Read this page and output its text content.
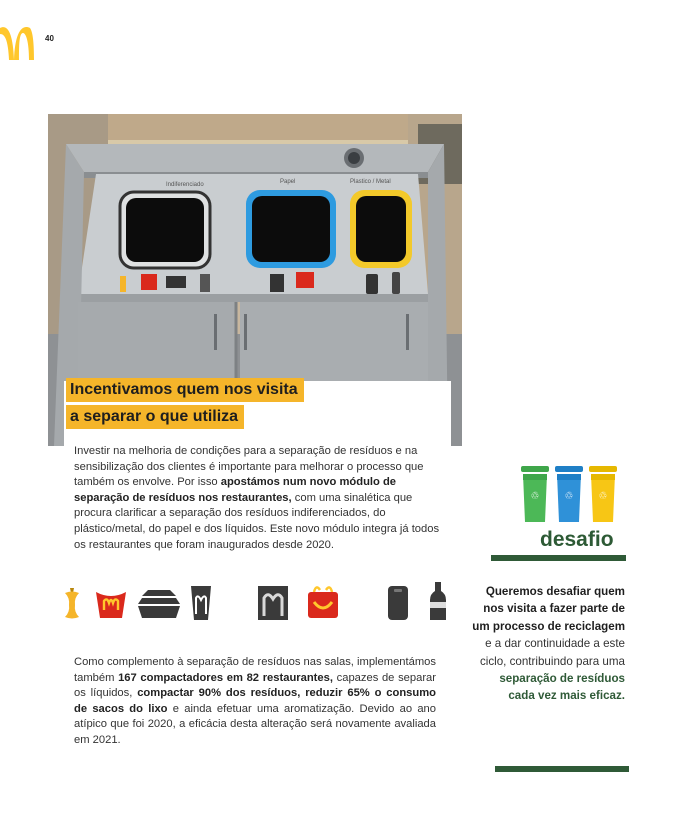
40
Indiferenciado	Papel	Plastico / Metal
Incentivamos quem nos visita
a separar o que utiliza
Investir na melhoria de condições para a separação de resíduos e na sensibilização dos clientes é importante para melhorar o processo que também os envolve. Por isso apostámos num novo módulo de separação de resíduos nos restaurantes, com uma sinalética que procura clarificar a separação dos resíduos indiferenciados, do plástico/metal, do papel e dos líquidos. Este novo módulo integra já todos os restaurantes que foram inaugurados desde 2020.
Como complemento à separação de resíduos nas salas, implementámos também 167 compactadores em 82 restaurantes, capazes de separar os líquidos, compactar 90% dos resíduos, reduzir 65% o consumo de sacos do lixo e ainda efetuar uma aromatização. Devido ao ano atípico que foi 2020, a eficácia desta alteração será novamente avaliada em 2021.
♲	♲	♲
desafio
Queremos desafiar quem nos visita a fazer parte de um processo de reciclagem e a dar continuidade a este ciclo, contribuindo para uma separação de resíduos cada vez mais eficaz.
